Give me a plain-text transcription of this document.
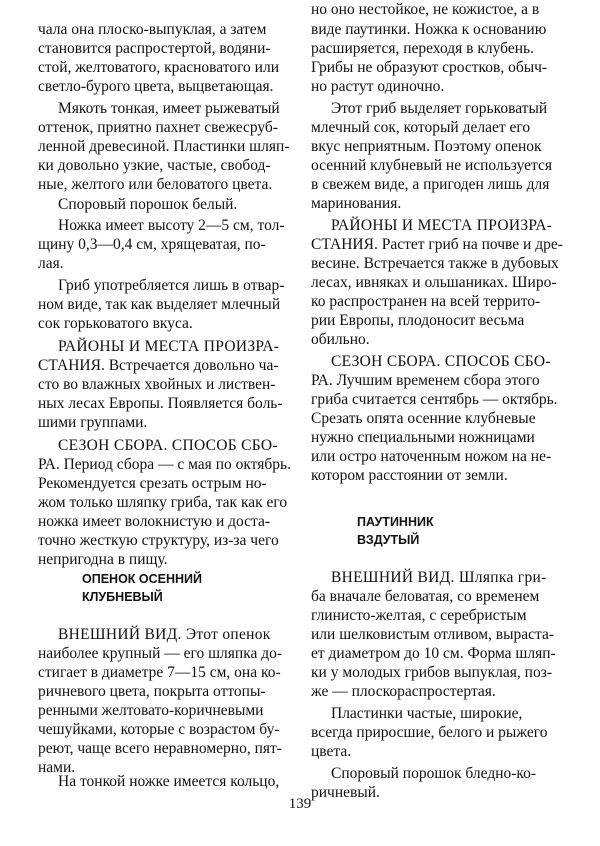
чала она плоско-выпуклая, а затем
становится распростертой, водяни-
стой, желтоватого, красноватого или
светло-бурого цвета, выцветающая.
Мякоть тонкая, имеет рыжеватый
оттенок, приятно пахнет свежесруб-
ленной древесиной. Пластинки шляп-
ки довольно узкие, частые, свобод-
ные, желтого или беловатого цвета.
Споровый порошок белый.
Ножка имеет высоту 2—5 см, тол-
щину 0,3—0,4 см, хрящеватая, по-
лая.
Гриб употребляется лишь в отвар-
ном виде, так как выделяет млечный
сок горьковатого вкуса.
РАЙОНЫ И МЕСТА ПРОИЗРА-
СТАНИЯ. Встречается довольно ча-
сто во влажных хвойных и листвен-
ных лесах Европы. Появляется боль-
шими группами.
СЕЗОН СБОРА. СПОСОБ СБО-
РА. Период сбора — с мая по октябрь.
Рекомендуется срезать острым но-
жом только шляпку гриба, так как его
ножка имеет волокнистую и доста-
точно жесткую структуру, из-за чего
непригодна в пищу.
ОПЕНОК ОСЕННИЙ
КЛУБНЕВЫЙ
ВНЕШНИЙ ВИД. Этот опенок
наиболее крупный — его шляпка до-
стигает в диаметре 7—15 см, она ко-
ричневого цвета, покрыта оттопы-
ренными желтовато-коричневыми
чешуйками, которые с возрастом бу-
реют, чаще всего неравномерно, пят-
нами.
На тонкой ножке имеется кольцо,
но оно нестойкое, не кожистое, а в
виде паутинки. Ножка к основанию
расширяется, переходя в клубень.
Грибы не образуют сростков, обыч-
но растут одиночно.
Этот гриб выделяет горьковатый
млечный сок, который делает его
вкус неприятным. Поэтому опенок
осенний клубневый не используется
в свежем виде, а пригоден лишь для
маринования.
РАЙОНЫ И МЕСТА ПРОИЗРА-
СТАНИЯ. Растет гриб на почве и дре-
весине. Встречается также в дубовых
лесах, ивняках и ольшаниках. Широ-
ко распространен на всей террито-
рии Европы, плодоносит весьма
обильно.
СЕЗОН СБОРА. СПОСОБ СБО-
РА. Лучшим временем сбора этого
гриба считается сентябрь — октябрь.
Срезать опята осенние клубневые
нужно специальными ножницами
или остро наточенным ножом на не-
котором расстоянии от земли.
ПАУТИННИК
ВЗДУТЫЙ
ВНЕШНИЙ ВИД. Шляпка гри-
ба вначале беловатая, со временем
глинисто-желтая, с серебристым
или шелковистым отливом, выраста-
ет диаметром до 10 см. Форма шляп-
ки у молодых грибов выпуклая, поз-
же — плоскораспростертая.
Пластинки частые, широкие,
всегда приросшие, белого и рыжего
цвета.
Споровый порошок бледно-ко-
ричневый.
139
